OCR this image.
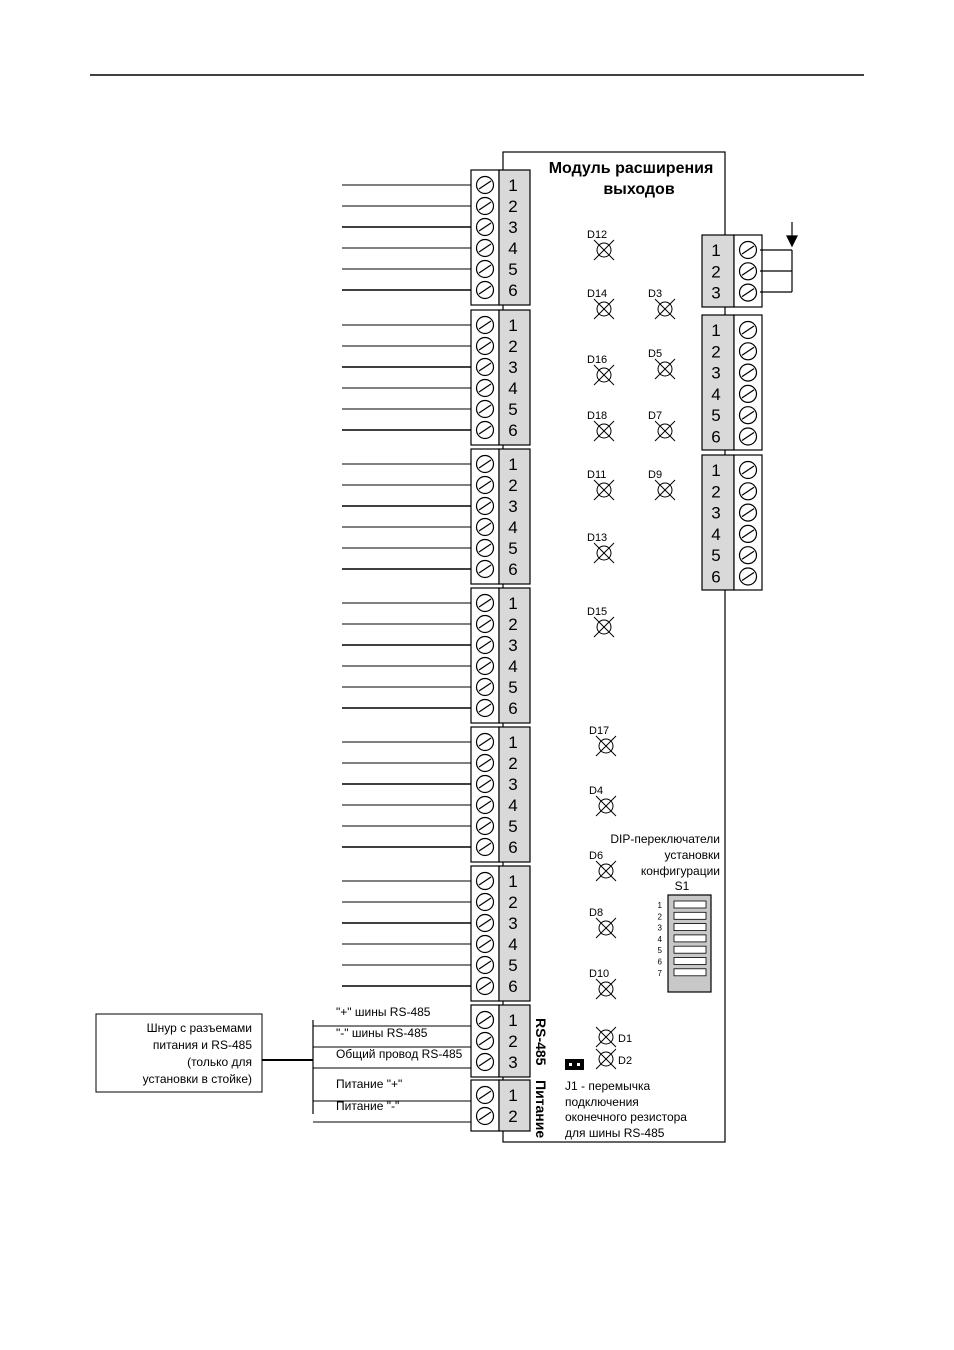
Модуль расширения
выходов
1
2
3
4
5
6
1
2
3
4
5
6
1
2
3
4
5
6
1
2
3
4
5
6
1
2
3
4
5
6
1
2
3
4
5
6
1
2
3
1
2
3
4
5
6
1
2
3
4
5
6
D12
D14	D3
D16	D5
D18	D7
D11	D9
D13
D15
D17
D4
D6
D8
D10
D1
D2
DIP-переключатели
установки
конфигурации
S1
1
2
3
4
5
6
7
1
2
3
1
2
RS-485
Питание
"+" шины RS-485
"-" шины RS-485
Общий провод RS-485
Питание "+"
Питание "-"
Шнур с разъемами
питания и RS-485
(только для
установки в стойке)	J1 - перемычка
подключения
оконечного резистора
для шины RS-485
